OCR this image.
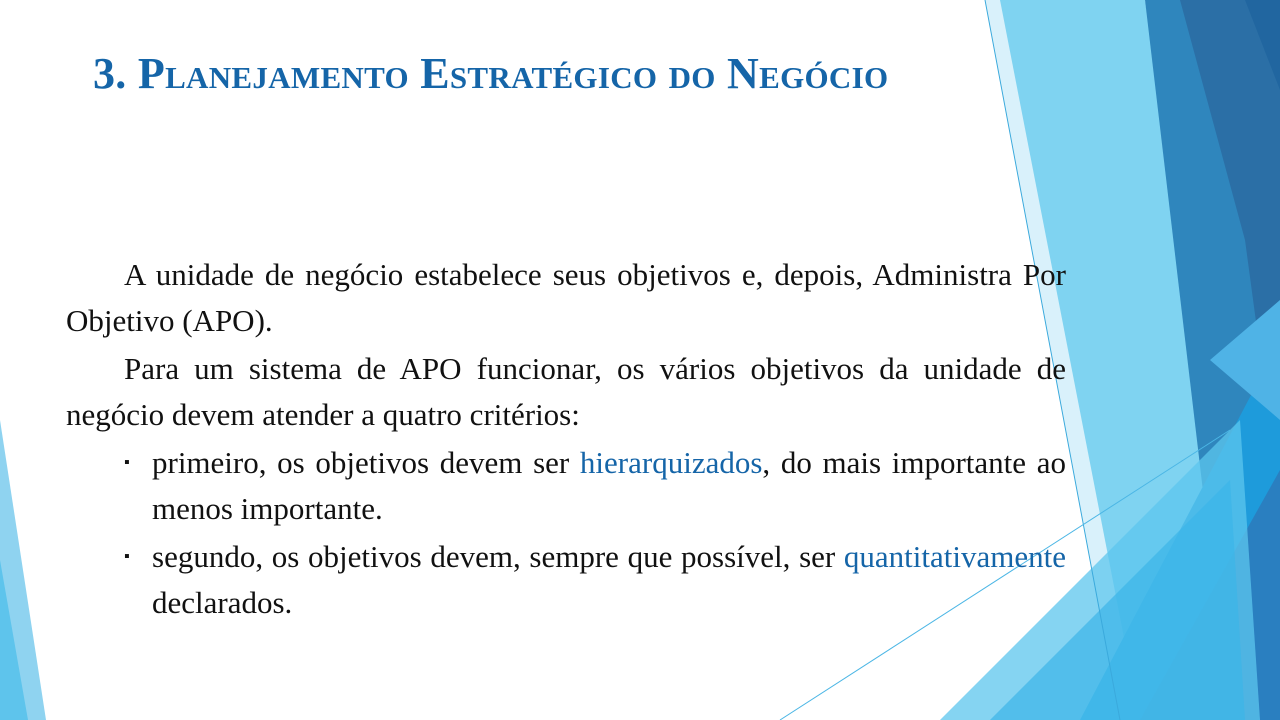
3. Planejamento Estratégico do Negócio

A unidade de negócio estabelece seus objetivos e, depois, Administra Por Objetivo (APO).

Para um sistema de APO funcionar, os vários objetivos da unidade de negócio devem atender a quatro critérios:

▪ primeiro, os objetivos devem ser hierarquizados, do mais importante ao menos importante.
▪ segundo, os objetivos devem, sempre que possível, ser quantitativamente declarados.
